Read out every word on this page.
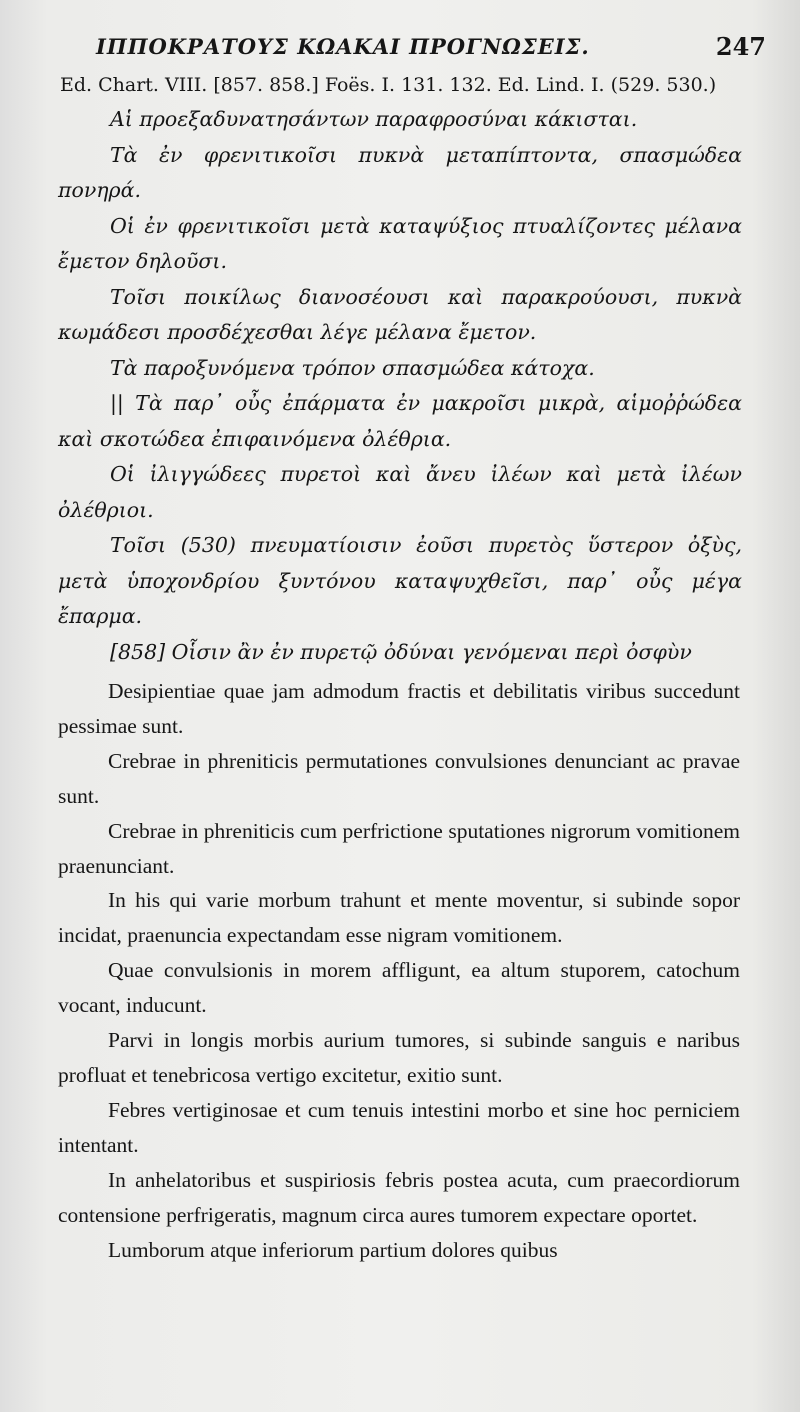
ΙΠΠΟΚΡΑΤΟΥΣ ΚΩΑΚΑΙ ΠΡΟΓΝΩΣΕΙΣ.	247
Ed. Chart. VIII. [857. 858.] Foës. I. 131. 132. Ed. Lind. I. (529. 530.)

Αἱ προεξαδυνατησάντων παραφροσύναι κάκισται.

Τὰ ἐν φρενιτικοῖσι πυκνὰ μεταπίπτοντα, σπασμώδεα πονηρά.

Οἱ ἐν φρενιτικοῖσι μετὰ καταψύξιος πτυαλίζοντες μέλανα ἔμετον δηλοῦσι.

Τοῖσι ποικίλως διανοσέουσι καὶ παρακρούουσι, πυκνὰ κωμάδεσι προσδέχεσθαι λέγε μέλανα ἔμετον.

Τὰ παροξυνόμενα τρόπον σπασμώδεα κάτοχα.

|| Τὰ παρ᾽ οὖς ἐπάρματα ἐν μακροῖσι μικρὰ, αἱμοῤῥώδεα καὶ σκοτώδεα ἐπιφαινόμενα ὀλέθρια.

Οἱ ἰλιγγώδεες πυρετοὶ καὶ ἄνευ ἰλέων καὶ μετὰ ἰλέων ὀλέθριοι.

Τοῖσι (530) πνευματίοισιν ἐοῦσι πυρετὸς ὕστερον ὀξὺς, μετὰ ὑποχονδρίου ξυντόνου καταψυχθεῖσι, παρ᾽ οὖς μέγα ἔπαρμα.

[858] Οἷσιν ἂν ἐν πυρετῷ ὀδύναι γενόμεναι περὶ ὀσφὺν

Desipientiae quae jam admodum fractis et debilitatis viribus succedunt pessimae sunt.

Crebrae in phreniticis permutationes convulsiones denunciant ac pravae sunt.

Crebrae in phreniticis cum perfrictione sputationes nigrorum vomitionem praenunciant.

In his qui varie morbum trahunt et mente moventur, si subinde sopor incidat, praenuncia expectandam esse nigram vomitionem.

Quae convulsionis in morem affligunt, ea altum stuporem, catochum vocant, inducunt.

Parvi in longis morbis aurium tumores, si subinde sanguis e naribus profluat et tenebricosa vertigo excitetur, exitio sunt.

Febres vertiginosae et cum tenuis intestini morbo et sine hoc perniciem intentant.

In anhelatoribus et suspiriosis febris postea acuta, cum praecordiorum contensione perfrigeratis, magnum circa aures tumorem expectare oportet.

Lumborum atque inferiorum partium dolores quibus
